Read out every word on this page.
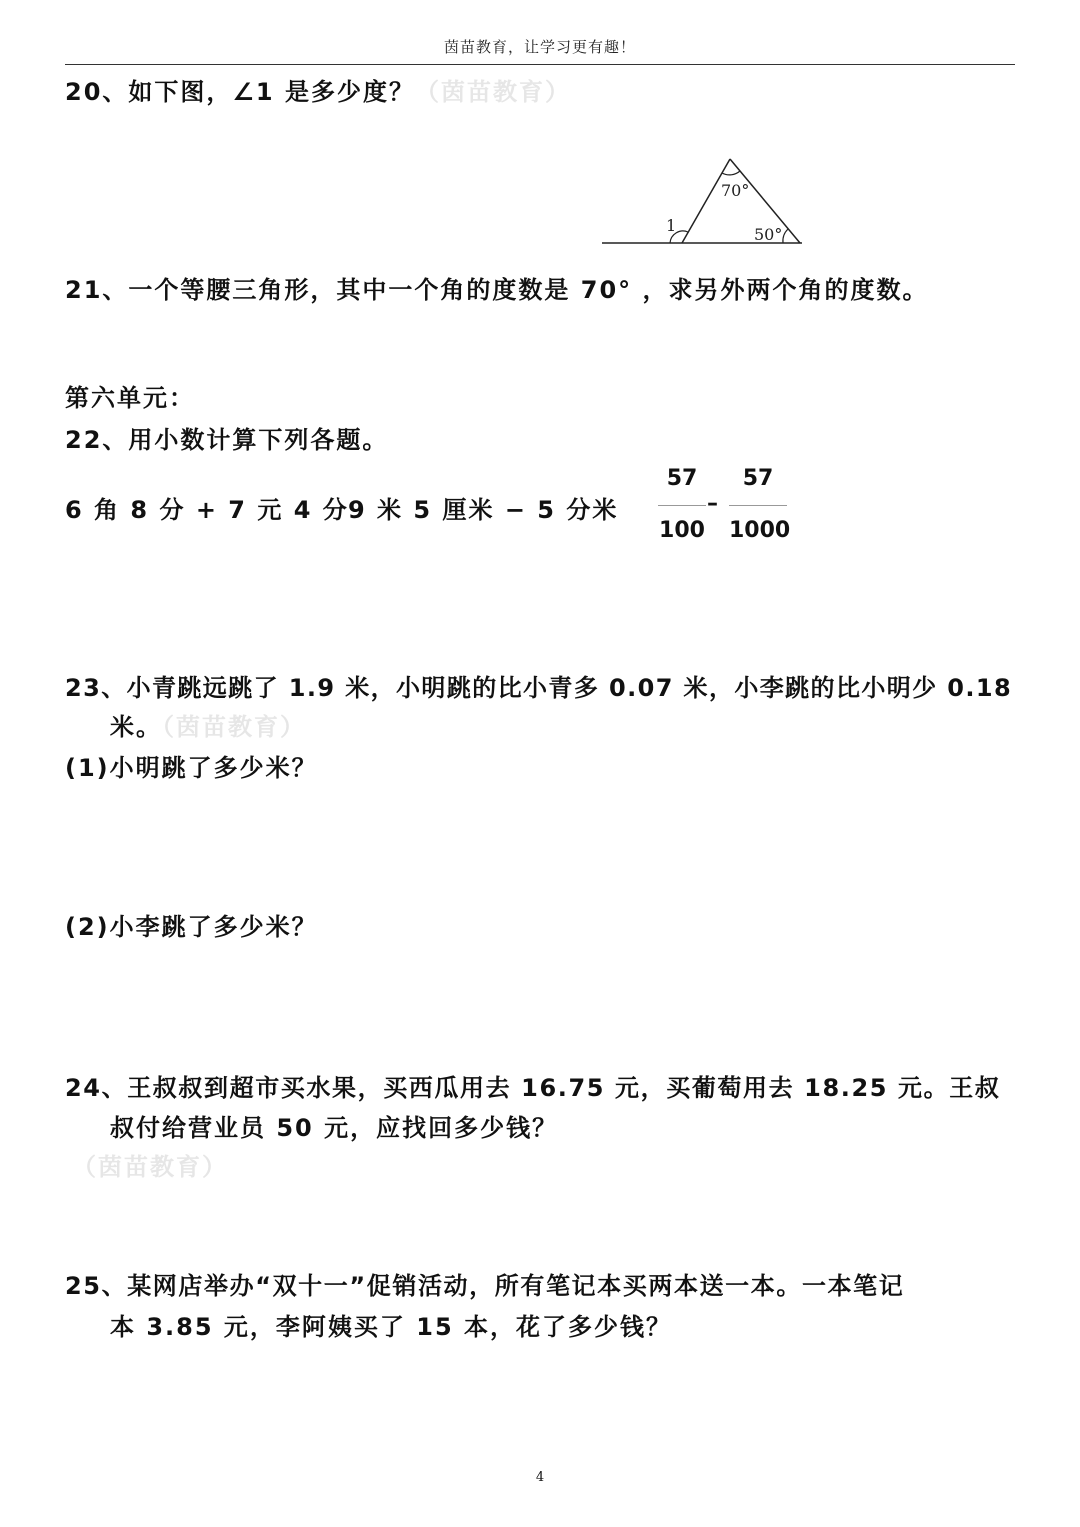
茵苗教育，让学习更有趣！
20、如下图，∠1 是多少度？（茵苗教育）
70°
50°
1
21、一个等腰三角形，其中一个角的度数是 70° ，求另外两个角的度数。
第六单元：
22、用小数计算下列各题。
6 角 8 分 + 7 元 4 分 9 米 5 厘米 − 5 分米
57
100
–
57
1000
23、小青跳远跳了 1.9 米，小明跳的比小青多 0.07 米，小李跳的比小明少 0.18
米。（茵苗教育）
(1)小明跳了多少米？
(2)小李跳了多少米？
24、王叔叔到超市买水果，买西瓜用去 16.75 元，买葡萄用去 18.25 元。王叔
叔付给营业员 50 元，应找回多少钱？
（茵苗教育）
25、某网店举办“双十一”促销活动，所有笔记本买两本送一本。一本笔记
本 3.85 元，李阿姨买了 15 本，花了多少钱？
4
